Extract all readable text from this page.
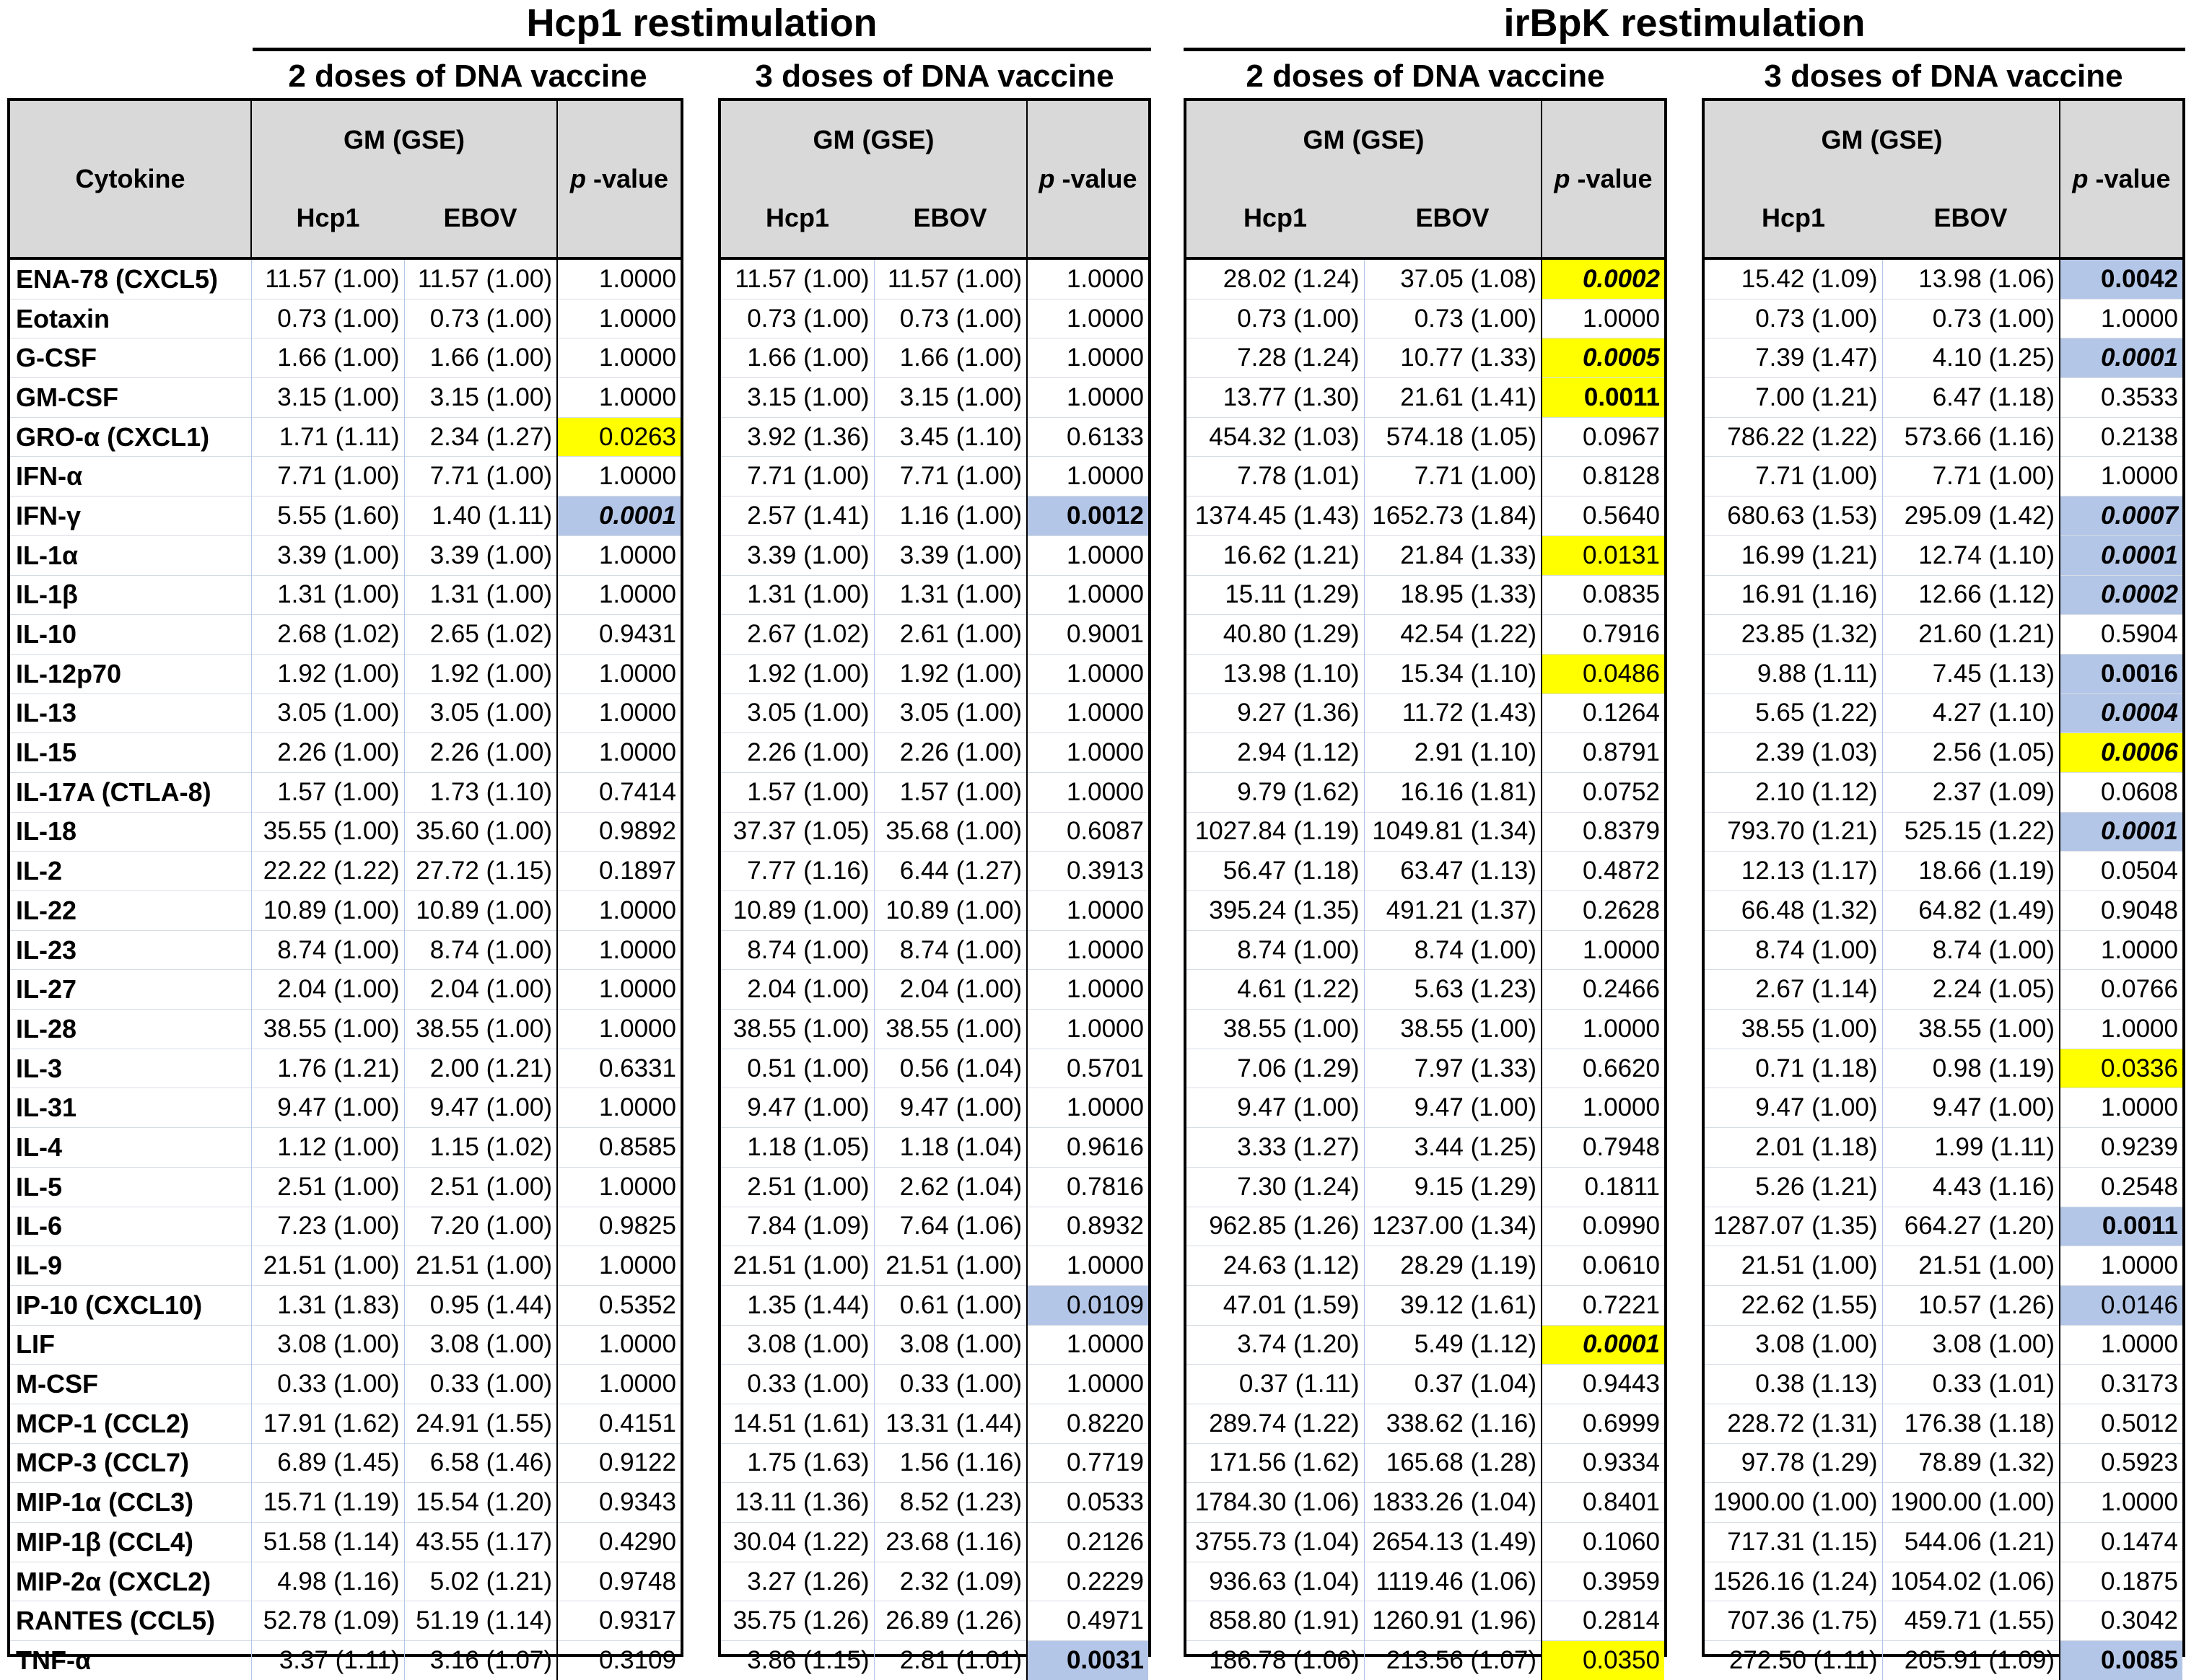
Hcp1 restimulation
2 doses of DNA vaccine	3 doses of DNA vaccine
irBpK restimulation
2 doses of DNA vaccine	3 doses of DNA vaccine
Cytokine	GM (GSE)		p -value
	Hcp1	EBOV	
ENA-78 (CXCL5)	11.57 (1.00)	11.57 (1.00)	1.0000
Eotaxin	0.73 (1.00)	0.73 (1.00)	1.0000
G-CSF	1.66 (1.00)	1.66 (1.00)	1.0000
GM-CSF	3.15 (1.00)	3.15 (1.00)	1.0000
GRO-α (CXCL1)	1.71 (1.11)	2.34 (1.27)	0.0263
IFN-α	7.71 (1.00)	7.71 (1.00)	1.0000
IFN-γ	5.55 (1.60)	1.40 (1.11)	0.0001
IL-1α	3.39 (1.00)	3.39 (1.00)	1.0000
IL-1β	1.31 (1.00)	1.31 (1.00)	1.0000
IL-10	2.68 (1.02)	2.65 (1.02)	0.9431
IL-12p70	1.92 (1.00)	1.92 (1.00)	1.0000
IL-13	3.05 (1.00)	3.05 (1.00)	1.0000
IL-15	2.26 (1.00)	2.26 (1.00)	1.0000
IL-17A (CTLA-8)	1.57 (1.00)	1.73 (1.10)	0.7414
IL-18	35.55 (1.00)	35.60 (1.00)	0.9892
IL-2	22.22 (1.22)	27.72 (1.15)	0.1897
IL-22	10.89 (1.00)	10.89 (1.00)	1.0000
IL-23	8.74 (1.00)	8.74 (1.00)	1.0000
IL-27	2.04 (1.00)	2.04 (1.00)	1.0000
IL-28	38.55 (1.00)	38.55 (1.00)	1.0000
IL-3	1.76 (1.21)	2.00 (1.21)	0.6331
IL-31	9.47 (1.00)	9.47 (1.00)	1.0000
IL-4	1.12 (1.00)	1.15 (1.02)	0.8585
IL-5	2.51 (1.00)	2.51 (1.00)	1.0000
IL-6	7.23 (1.00)	7.20 (1.00)	0.9825
IL-9	21.51 (1.00)	21.51 (1.00)	1.0000
IP-10 (CXCL10)	1.31 (1.83)	0.95 (1.44)	0.5352
LIF	3.08 (1.00)	3.08 (1.00)	1.0000
M-CSF	0.33 (1.00)	0.33 (1.00)	1.0000
MCP-1 (CCL2)	17.91 (1.62)	24.91 (1.55)	0.4151
MCP-3 (CCL7)	6.89 (1.45)	6.58 (1.46)	0.9122
MIP-1α (CCL3)	15.71 (1.19)	15.54 (1.20)	0.9343
MIP-1β (CCL4)	51.58 (1.14)	43.55 (1.17)	0.4290
MIP-2α (CXCL2)	4.98 (1.16)	5.02 (1.21)	0.9748
RANTES (CCL5)	52.78 (1.09)	51.19 (1.14)	0.9317
TNF-α	3.37 (1.11)	3.16 (1.07)	0.3109
GM (GSE)		p -value
Hcp1	EBOV	
11.57 (1.00)	11.57 (1.00)	1.0000
0.73 (1.00)	0.73 (1.00)	1.0000
1.66 (1.00)	1.66 (1.00)	1.0000
3.15 (1.00)	3.15 (1.00)	1.0000
3.92 (1.36)	3.45 (1.10)	0.6133
7.71 (1.00)	7.71 (1.00)	1.0000
2.57 (1.41)	1.16 (1.00)	0.0012
3.39 (1.00)	3.39 (1.00)	1.0000
1.31 (1.00)	1.31 (1.00)	1.0000
2.67 (1.02)	2.61 (1.00)	0.9001
1.92 (1.00)	1.92 (1.00)	1.0000
3.05 (1.00)	3.05 (1.00)	1.0000
2.26 (1.00)	2.26 (1.00)	1.0000
1.57 (1.00)	1.57 (1.00)	1.0000
37.37 (1.05)	35.68 (1.00)	0.6087
7.77 (1.16)	6.44 (1.27)	0.3913
10.89 (1.00)	10.89 (1.00)	1.0000
8.74 (1.00)	8.74 (1.00)	1.0000
2.04 (1.00)	2.04 (1.00)	1.0000
38.55 (1.00)	38.55 (1.00)	1.0000
0.51 (1.00)	0.56 (1.04)	0.5701
9.47 (1.00)	9.47 (1.00)	1.0000
1.18 (1.05)	1.18 (1.04)	0.9616
2.51 (1.00)	2.62 (1.04)	0.7816
7.84 (1.09)	7.64 (1.06)	0.8932
21.51 (1.00)	21.51 (1.00)	1.0000
1.35 (1.44)	0.61 (1.00)	0.0109
3.08 (1.00)	3.08 (1.00)	1.0000
0.33 (1.00)	0.33 (1.00)	1.0000
14.51 (1.61)	13.31 (1.44)	0.8220
1.75 (1.63)	1.56 (1.16)	0.7719
13.11 (1.36)	8.52 (1.23)	0.0533
30.04 (1.22)	23.68 (1.16)	0.2126
3.27 (1.26)	2.32 (1.09)	0.2229
35.75 (1.26)	26.89 (1.26)	0.4971
3.86 (1.15)	2.81 (1.01)	0.0031
GM (GSE)		p -value
Hcp1	EBOV	
28.02 (1.24)	37.05 (1.08)	0.0002
0.73 (1.00)	0.73 (1.00)	1.0000
7.28 (1.24)	10.77 (1.33)	0.0005
13.77 (1.30)	21.61 (1.41)	0.0011
454.32 (1.03)	574.18 (1.05)	0.0967
7.78 (1.01)	7.71 (1.00)	0.8128
1374.45 (1.43)	1652.73 (1.84)	0.5640
16.62 (1.21)	21.84 (1.33)	0.0131
15.11 (1.29)	18.95 (1.33)	0.0835
40.80 (1.29)	42.54 (1.22)	0.7916
13.98 (1.10)	15.34 (1.10)	0.0486
9.27 (1.36)	11.72 (1.43)	0.1264
2.94 (1.12)	2.91 (1.10)	0.8791
9.79 (1.62)	16.16 (1.81)	0.0752
1027.84 (1.19)	1049.81 (1.34)	0.8379
56.47 (1.18)	63.47 (1.13)	0.4872
395.24 (1.35)	491.21 (1.37)	0.2628
8.74 (1.00)	8.74 (1.00)	1.0000
4.61 (1.22)	5.63 (1.23)	0.2466
38.55 (1.00)	38.55 (1.00)	1.0000
7.06 (1.29)	7.97 (1.33)	0.6620
9.47 (1.00)	9.47 (1.00)	1.0000
3.33 (1.27)	3.44 (1.25)	0.7948
7.30 (1.24)	9.15 (1.29)	0.1811
962.85 (1.26)	1237.00 (1.34)	0.0990
24.63 (1.12)	28.29 (1.19)	0.0610
47.01 (1.59)	39.12 (1.61)	0.7221
3.74 (1.20)	5.49 (1.12)	0.0001
0.37 (1.11)	0.37 (1.04)	0.9443
289.74 (1.22)	338.62 (1.16)	0.6999
171.56 (1.62)	165.68 (1.28)	0.9334
1784.30 (1.06)	1833.26 (1.04)	0.8401
3755.73 (1.04)	2654.13 (1.49)	0.1060
936.63 (1.04)	1119.46 (1.06)	0.3959
858.80 (1.91)	1260.91 (1.96)	0.2814
186.78 (1.06)	213.56 (1.07)	0.0350
GM (GSE)		p -value
Hcp1	EBOV	
15.42 (1.09)	13.98 (1.06)	0.0042
0.73 (1.00)	0.73 (1.00)	1.0000
7.39 (1.47)	4.10 (1.25)	0.0001
7.00 (1.21)	6.47 (1.18)	0.3533
786.22 (1.22)	573.66 (1.16)	0.2138
7.71 (1.00)	7.71 (1.00)	1.0000
680.63 (1.53)	295.09 (1.42)	0.0007
16.99 (1.21)	12.74 (1.10)	0.0001
16.91 (1.16)	12.66 (1.12)	0.0002
23.85 (1.32)	21.60 (1.21)	0.5904
9.88 (1.11)	7.45 (1.13)	0.0016
5.65 (1.22)	4.27 (1.10)	0.0004
2.39 (1.03)	2.56 (1.05)	0.0006
2.10 (1.12)	2.37 (1.09)	0.0608
793.70 (1.21)	525.15 (1.22)	0.0001
12.13 (1.17)	18.66 (1.19)	0.0504
66.48 (1.32)	64.82 (1.49)	0.9048
8.74 (1.00)	8.74 (1.00)	1.0000
2.67 (1.14)	2.24 (1.05)	0.0766
38.55 (1.00)	38.55 (1.00)	1.0000
0.71 (1.18)	0.98 (1.19)	0.0336
9.47 (1.00)	9.47 (1.00)	1.0000
2.01 (1.18)	1.99 (1.11)	0.9239
5.26 (1.21)	4.43 (1.16)	0.2548
1287.07 (1.35)	664.27 (1.20)	0.0011
21.51 (1.00)	21.51 (1.00)	1.0000
22.62 (1.55)	10.57 (1.26)	0.0146
3.08 (1.00)	3.08 (1.00)	1.0000
0.38 (1.13)	0.33 (1.01)	0.3173
228.72 (1.31)	176.38 (1.18)	0.5012
97.78 (1.29)	78.89 (1.32)	0.5923
1900.00 (1.00)	1900.00 (1.00)	1.0000
717.31 (1.15)	544.06 (1.21)	0.1474
1526.16 (1.24)	1054.02 (1.06)	0.1875
707.36 (1.75)	459.71 (1.55)	0.3042
272.50 (1.11)	205.91 (1.09)	0.0085
